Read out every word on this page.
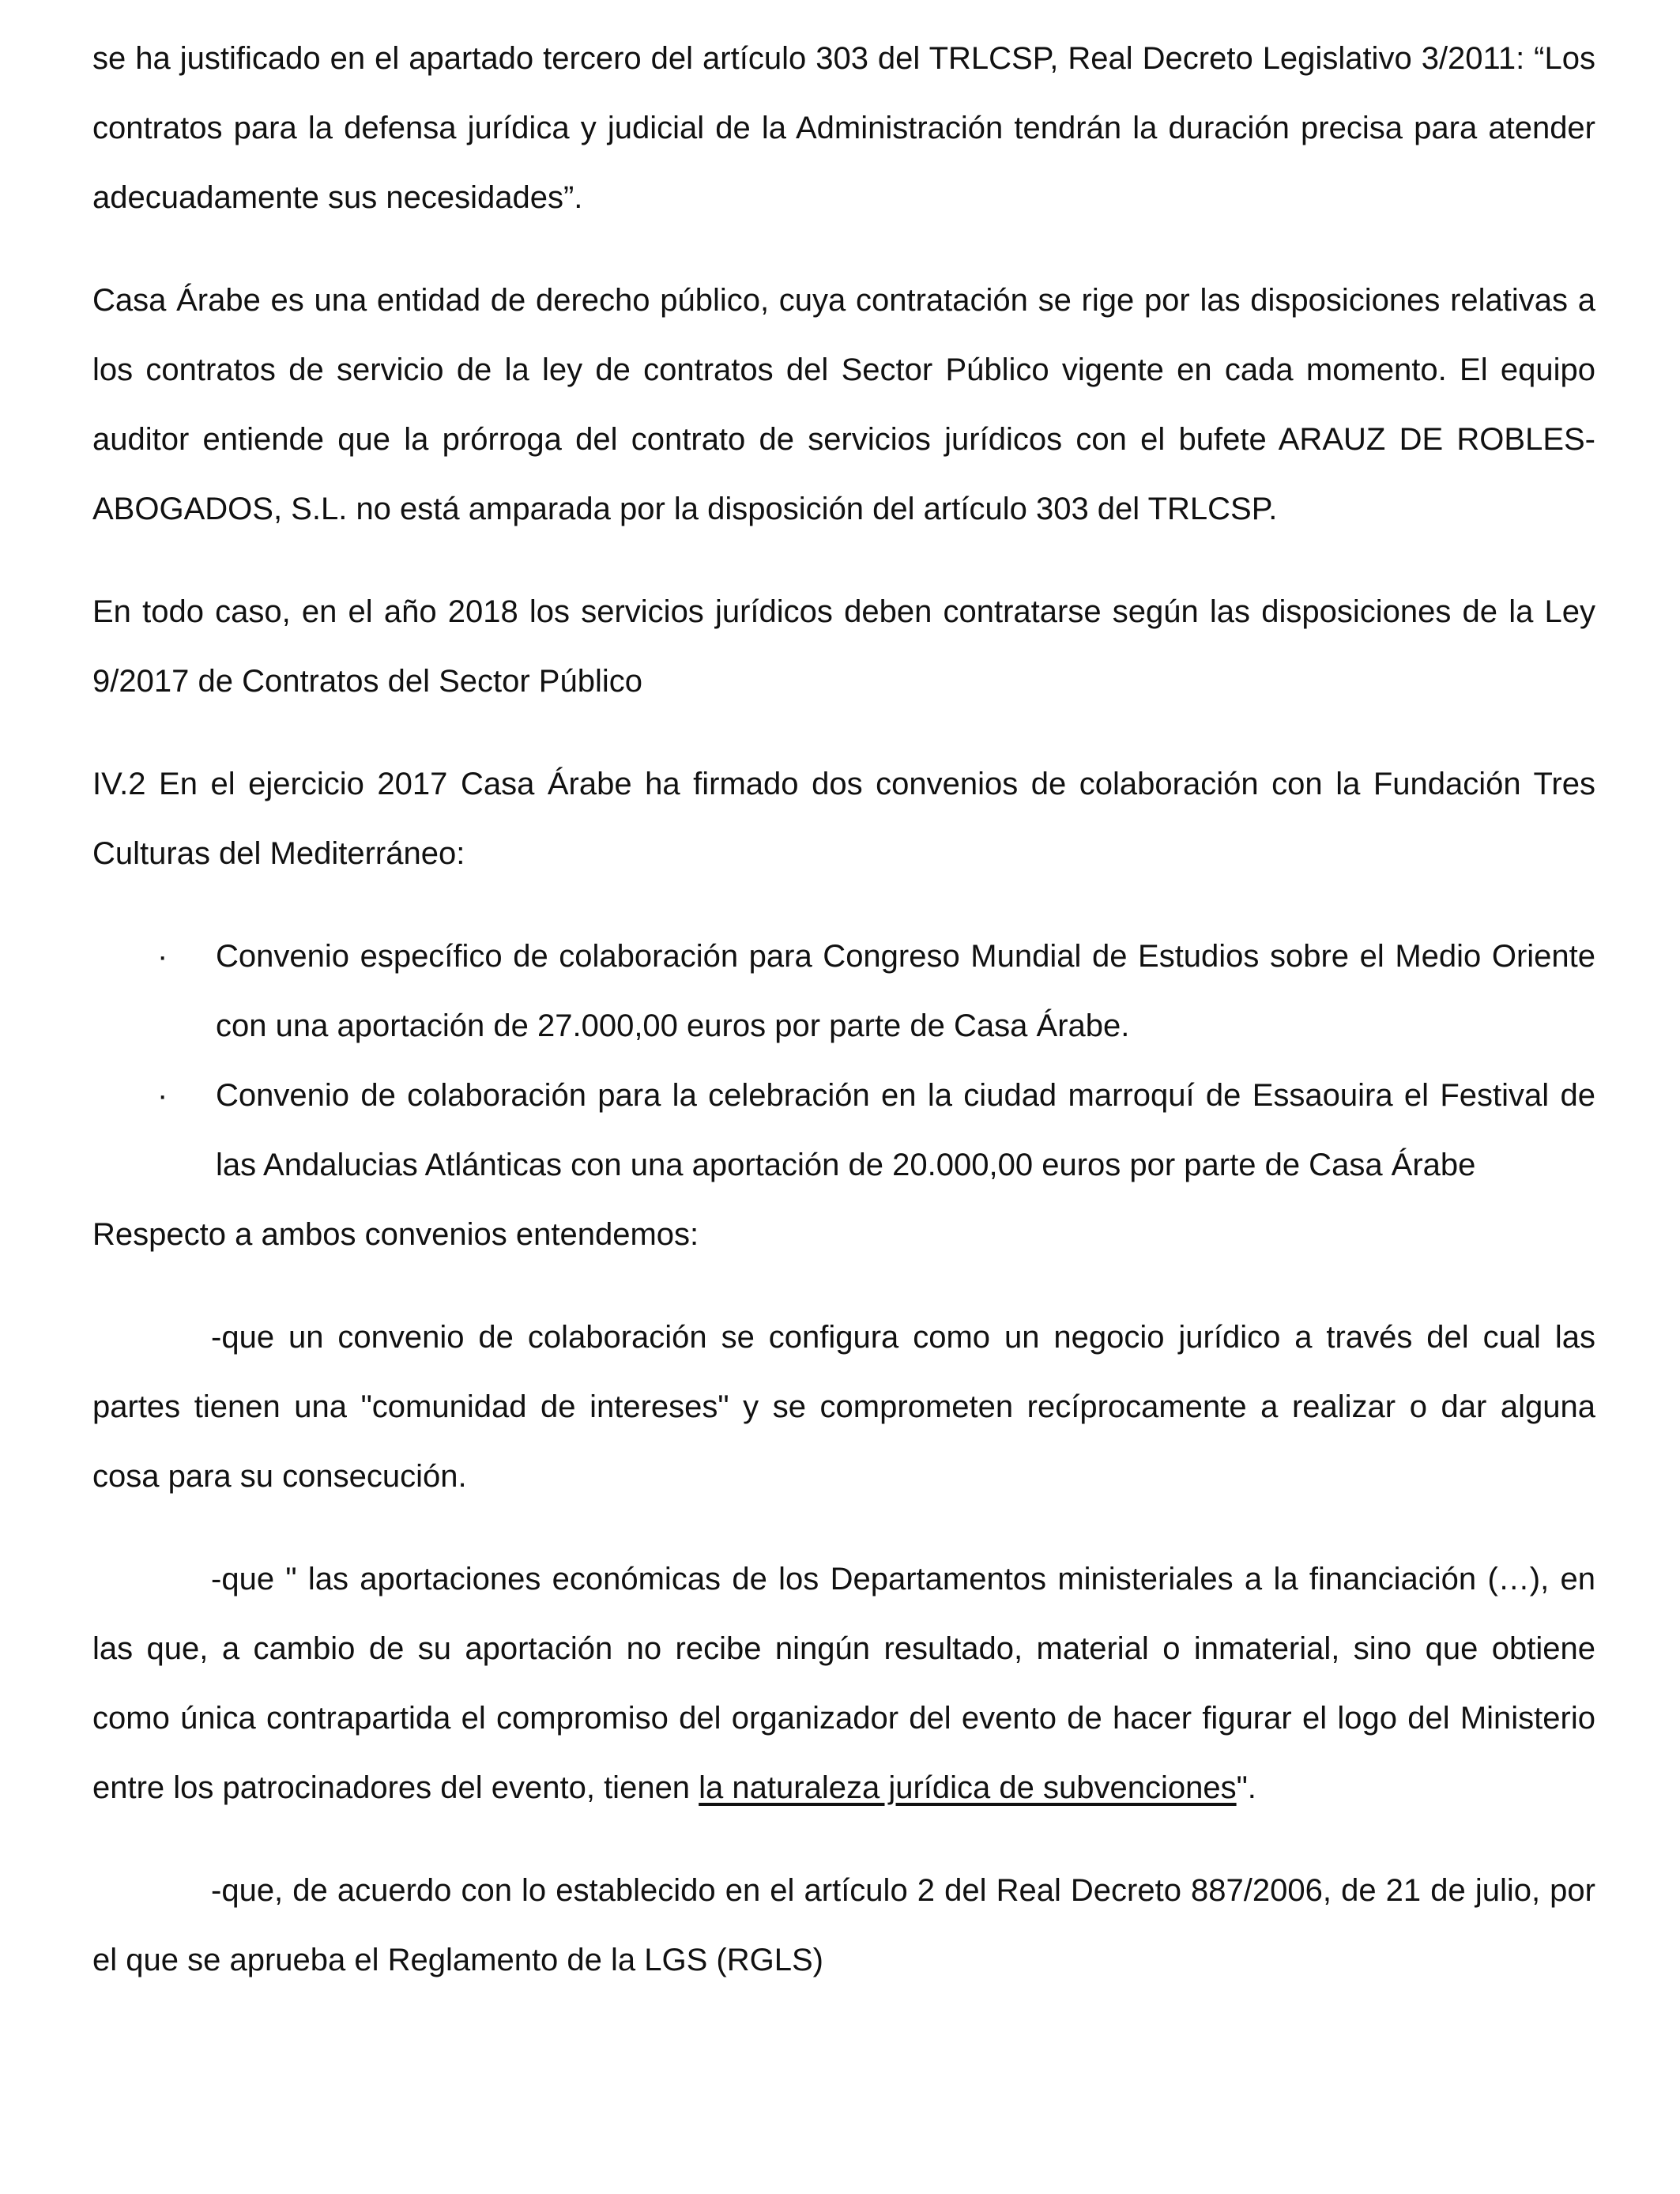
se ha justificado en el apartado tercero del artículo 303 del TRLCSP, Real Decreto Legislativo 3/2011: “Los contratos para la defensa jurídica y judicial de la Administración tendrán la duración precisa para atender adecuadamente sus necesidades”.

Casa Árabe es una entidad de derecho público, cuya contratación se rige por las disposiciones relativas a los contratos de servicio de la ley de contratos del Sector Público vigente en cada momento. El equipo auditor entiende que la prórroga del contrato de servicios jurídicos con el bufete ARAUZ DE ROBLES-ABOGADOS, S.L. no está amparada por la disposición del artículo 303 del TRLCSP.

En todo caso, en el año 2018 los servicios jurídicos deben contratarse según las disposiciones de la Ley 9/2017 de Contratos del Sector Público

IV.2 En el ejercicio 2017 Casa Árabe ha firmado dos convenios de colaboración con la Fundación Tres Culturas del Mediterráneo:

· Convenio específico de colaboración para Congreso Mundial de Estudios sobre el Medio Oriente con una aportación de 27.000,00 euros por parte de Casa Árabe.
· Convenio de colaboración para la celebración en la ciudad marroquí de Essaouira el Festival de las Andalucias Atlánticas con una aportación de 20.000,00 euros por parte de Casa Árabe

Respecto a ambos convenios entendemos:

-que un convenio de colaboración se configura como un negocio jurídico a través del cual las partes tienen una "comunidad de intereses" y se comprometen recíprocamente a realizar o dar alguna cosa para su consecución.

-que " las aportaciones económicas de los Departamentos ministeriales a la financiación (…), en las que, a cambio de su aportación no recibe ningún resultado, material o inmaterial, sino que obtiene como única contrapartida el compromiso del organizador del evento de hacer figurar el logo del Ministerio entre los patrocinadores del evento, tienen la naturaleza jurídica de subvenciones".

-que, de acuerdo con lo establecido en el artículo 2 del Real Decreto 887/2006, de 21 de julio, por el que se aprueba el Reglamento de la LGS (RGLS)
